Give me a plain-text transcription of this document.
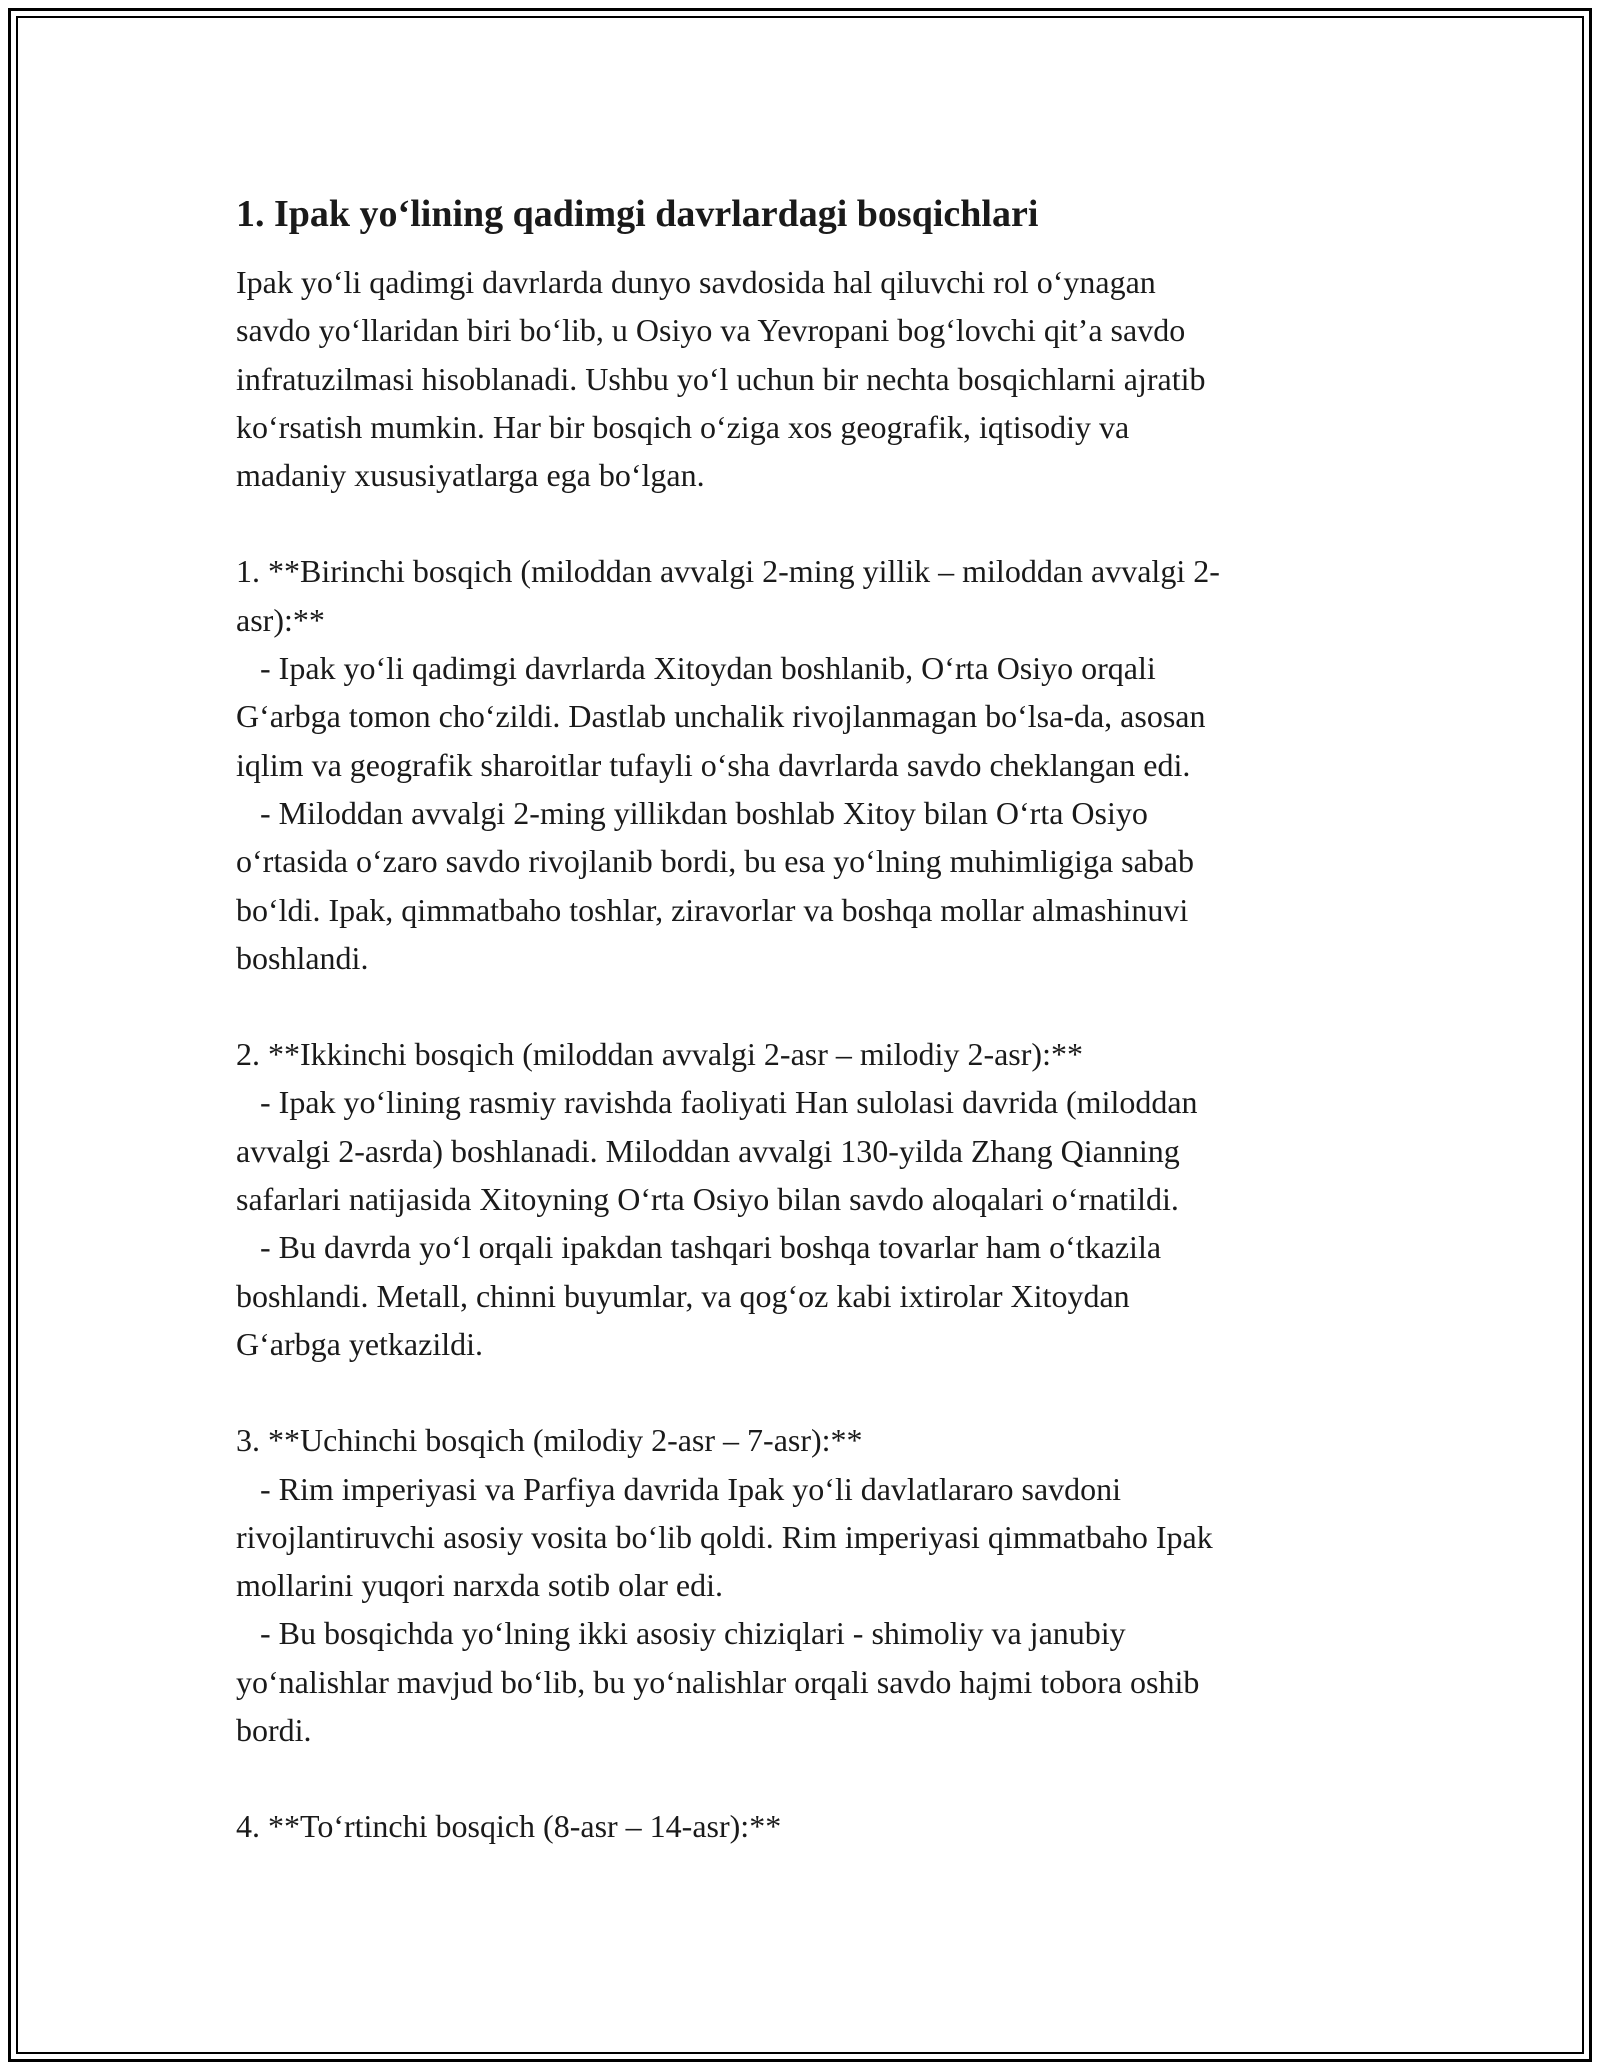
1. Ipak yo‘lining qadimgi davrlardagi bosqichlari

Ipak yo‘li qadimgi davrlarda dunyo savdosida hal qiluvchi rol o‘ynagan
savdo yo‘llaridan biri bo‘lib, u Osiyo va Yevropani bog‘lovchi qit’a savdo
infratuzilmasi hisoblanadi. Ushbu yo‘l uchun bir nechta bosqichlarni ajratib
ko‘rsatish mumkin. Har bir bosqich o‘ziga xos geografik, iqtisodiy va
madaniy xususiyatlarga ega bo‘lgan.

1. **Birinchi bosqich (miloddan avvalgi 2-ming yillik – miloddan avvalgi 2-
asr):**
- Ipak yo‘li qadimgi davrlarda Xitoydan boshlanib, O‘rta Osiyo orqali
G‘arbga tomon cho‘zildi. Dastlab unchalik rivojlanmagan bo‘lsa-da, asosan
iqlim va geografik sharoitlar tufayli o‘sha davrlarda savdo cheklangan edi.
- Miloddan avvalgi 2-ming yillikdan boshlab Xitoy bilan O‘rta Osiyo
o‘rtasida o‘zaro savdo rivojlanib bordi, bu esa yo‘lning muhimligiga sabab
bo‘ldi. Ipak, qimmatbaho toshlar, ziravorlar va boshqa mollar almashinuvi
boshlandi.

2. **Ikkinchi bosqich (miloddan avvalgi 2-asr – milodiy 2-asr):**
- Ipak yo‘lining rasmiy ravishda faoliyati Han sulolasi davrida (miloddan
avvalgi 2-asrda) boshlanadi. Miloddan avvalgi 130-yilda Zhang Qianning
safarlari natijasida Xitoyning O‘rta Osiyo bilan savdo aloqalari o‘rnatildi.
- Bu davrda yo‘l orqali ipakdan tashqari boshqa tovarlar ham o‘tkazila
boshlandi. Metall, chinni buyumlar, va qog‘oz kabi ixtirolar Xitoydan
G‘arbga yetkazildi.

3. **Uchinchi bosqich (milodiy 2-asr – 7-asr):**
- Rim imperiyasi va Parfiya davrida Ipak yo‘li davlatlararo savdoni
rivojlantiruvchi asosiy vosita bo‘lib qoldi. Rim imperiyasi qimmatbaho Ipak
mollarini yuqori narxda sotib olar edi.
- Bu bosqichda yo‘lning ikki asosiy chiziqlari - shimoliy va janubiy
yo‘nalishlar mavjud bo‘lib, bu yo‘nalishlar orqali savdo hajmi tobora oshib
bordi.

4. **To‘rtinchi bosqich (8-asr – 14-asr):**
